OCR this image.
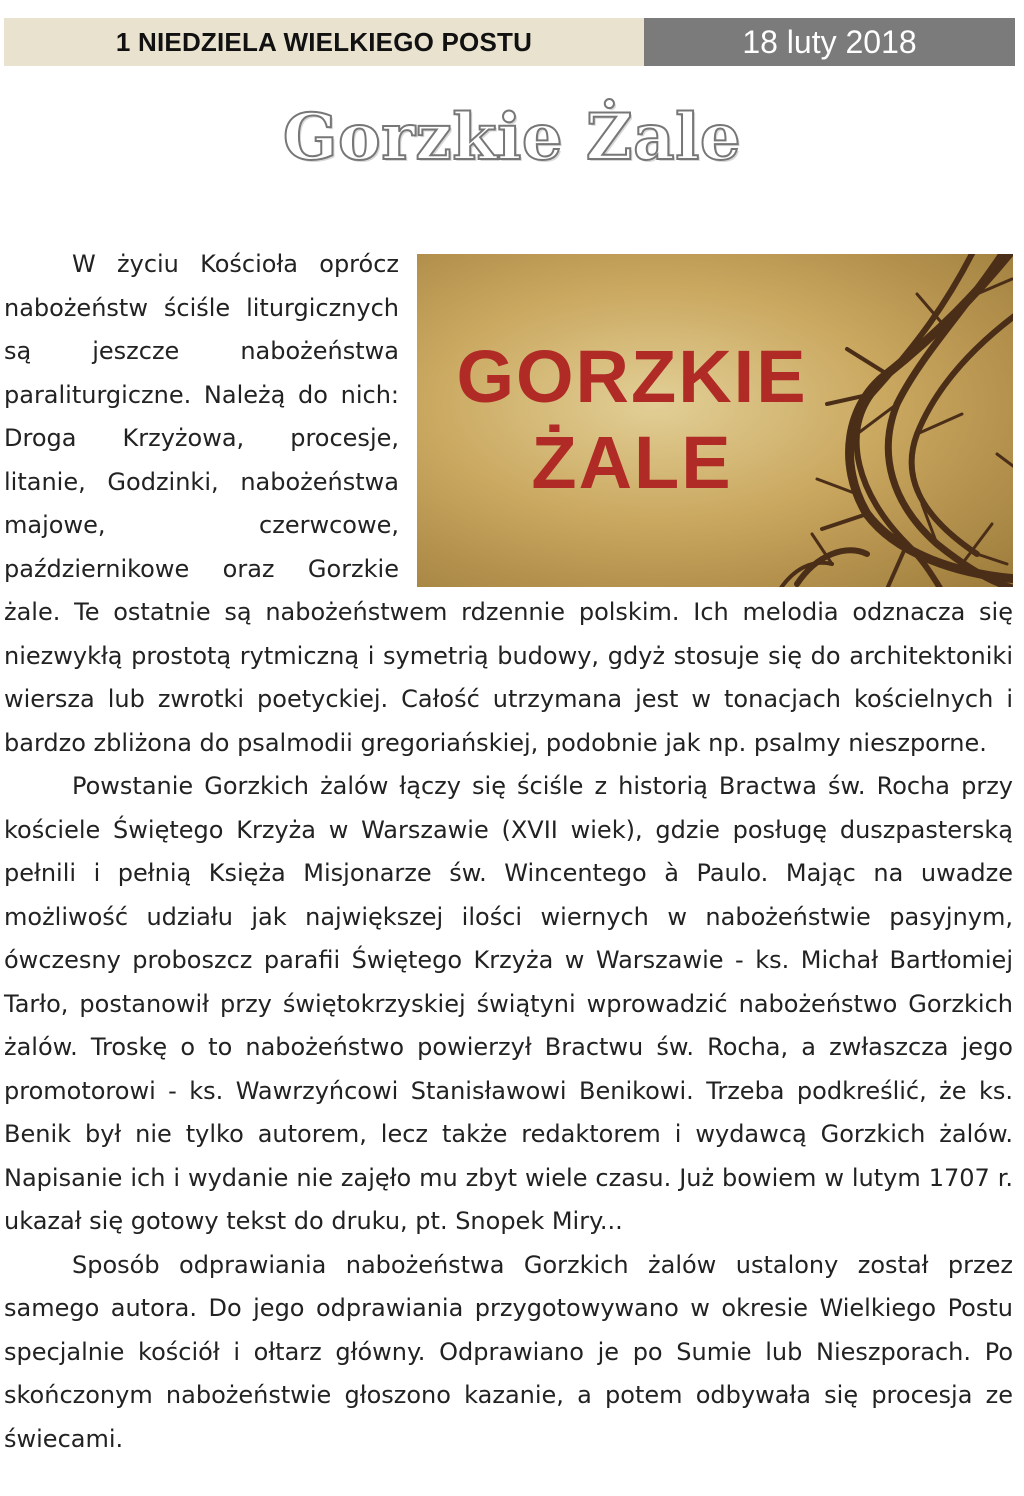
1 NIEDZIELA WIELKIEGO POSTU	18 luty 2018
Gorzkie Żale
GORZKIE
ŻALE

W życiu Kościoła oprócz nabożeństw ściśle liturgicznych są jeszcze nabożeństwa paraliturgiczne. Należą do nich: Droga Krzyżowa, procesje, litanie, Godzinki, nabożeństwa majowe, czerwcowe, październikowe oraz Gorzkie żale. Te ostatnie są nabożeństwem rdzennie polskim. Ich melodia odznacza się niezwykłą prostotą rytmiczną i symetrią budowy, gdyż stosuje się do architektoniki wiersza lub zwrotki poetyckiej. Całość utrzymana jest w tonacjach kościelnych i bardzo zbliżona do psalmodii gregoriańskiej, podobnie jak np. psalmy nieszporne.

Powstanie Gorzkich żalów łączy się ściśle z historią Bractwa św. Rocha przy kościele Świętego Krzyża w Warszawie (XVII wiek), gdzie posługę duszpasterską pełnili i pełnią Księża Misjonarze św. Wincentego à Paulo. Mając na uwadze możliwość udziału jak największej ilości wiernych w nabożeństwie pasyjnym, ówczesny proboszcz parafii Świętego Krzyża w Warszawie - ks. Michał Bartłomiej Tarło, postanowił przy świętokrzyskiej świątyni wprowadzić nabożeństwo Gorzkich żalów. Troskę o to nabożeństwo powierzył Bractwu św. Rocha, a zwłaszcza jego promotorowi - ks. Wawrzyńcowi Stanisławowi Benikowi. Trzeba podkreślić, że ks. Benik był nie tylko autorem, lecz także redaktorem i wydawcą Gorzkich żalów. Napisanie ich i wydanie nie zajęło mu zbyt wiele czasu. Już bowiem w lutym 1707 r. ukazał się gotowy tekst do druku, pt. Snopek Miry...

Sposób odprawiania nabożeństwa Gorzkich żalów ustalony został przez samego autora. Do jego odprawiania przygotowywano w okresie Wielkiego Postu specjalnie kościół i ołtarz główny. Odprawiano je po Sumie lub Nieszporach. Po skończonym nabożeństwie głoszono kazanie, a potem odbywała się procesja ze świecami.
